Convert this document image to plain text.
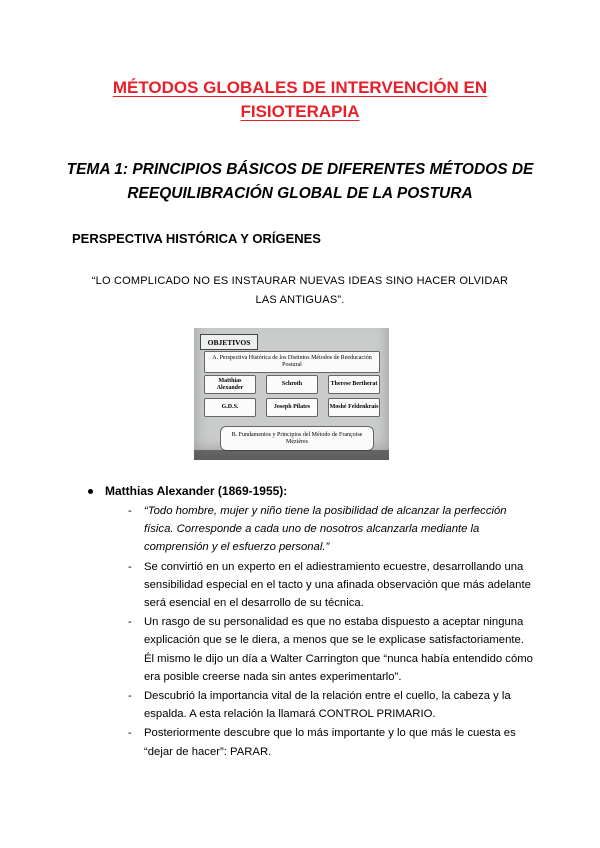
MÉTODOS GLOBALES DE INTERVENCIÓN EN FISIOTERAPIA
TEMA 1: PRINCIPIOS BÁSICOS DE DIFERENTES MÉTODOS DE REEQUILIBRACIÓN GLOBAL DE LA POSTURA
PERSPECTIVA HISTÓRICA Y ORÍGENES
“LO COMPLICADO NO ES INSTAURAR NUEVAS IDEAS SINO HACER OLVIDAR LAS ANTIGUAS”.
OBJETIVOS
A. Perspectiva Histórica de los Distintos Métodos de Reeducación Postural
Matthias Alexander
Schroth	Therese Bertherat
G.D.S.	Joseph Pilates	Moshé Feldenkrais
B. Fundamentos y Principios del Método de Françoise Mézières
Matthias Alexander (1869-1955):
- “Todo hombre, mujer y niño tiene la posibilidad de alcanzar la perfección física. Corresponde a cada uno de nosotros alcanzarla mediante la comprensión y el esfuerzo personal.”
- Se convirtió en un experto en el adiestramiento ecuestre, desarrollando una sensibilidad especial en el tacto y una afinada observación que más adelante será esencial en el desarrollo de su técnica.
- Un rasgo de su personalidad es que no estaba dispuesto a aceptar ninguna explicación que se le diera, a menos que se le explicase satisfactoriamente. Él mismo le dijo un día a Walter Carrington que “nunca había entendido cómo era posible creerse nada sin antes experimentarlo”.
- Descubrió la importancia vital de la relación entre el cuello, la cabeza y la espalda. A esta relación la llamará CONTROL PRIMARIO.
- Posteriormente descubre que lo más importante y lo que más le cuesta es “dejar de hacer”: PARAR.
